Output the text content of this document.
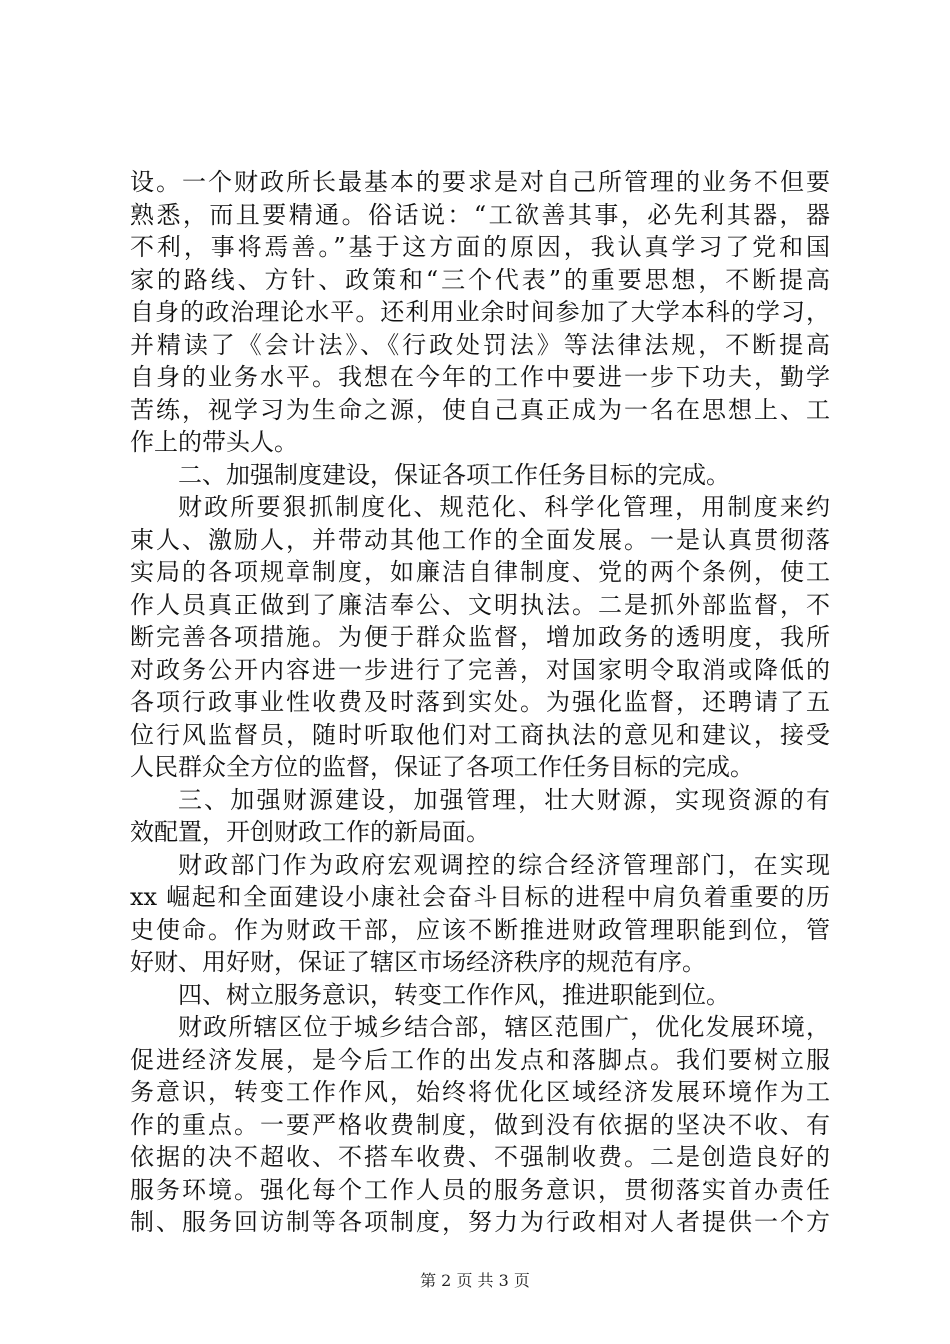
设。一个财政所长最基本的要求是对自己所管理的业务不但要
熟悉，而且要精通。俗话说：“工欲善其事，必先利其器，器
不利，事将焉善。”基于这方面的原因，我认真学习了党和国
家的路线、方针、政策和“三个代表”的重要思想，不断提高
自身的政治理论水平。还利用业余时间参加了大学本科的学习，
并精读了《会计法》、《行政处罚法》等法律法规，不断提高
自身的业务水平。我想在今年的工作中要进一步下功夫，勤学
苦练，视学习为生命之源，使自己真正成为一名在思想上、工
作上的带头人。
二、加强制度建设，保证各项工作任务目标的完成。
财政所要狠抓制度化、规范化、科学化管理，用制度来约
束人、激励人，并带动其他工作的全面发展。一是认真贯彻落
实局的各项规章制度，如廉洁自律制度、党的两个条例，使工
作人员真正做到了廉洁奉公、文明执法。二是抓外部监督，不
断完善各项措施。为便于群众监督，增加政务的透明度，我所
对政务公开内容进一步进行了完善，对国家明令取消或降低的
各项行政事业性收费及时落到实处。为强化监督，还聘请了五
位行风监督员，随时听取他们对工商执法的意见和建议，接受
人民群众全方位的监督，保证了各项工作任务目标的完成。
三、加强财源建设，加强管理，壮大财源，实现资源的有
效配置，开创财政工作的新局面。
财政部门作为政府宏观调控的综合经济管理部门，在实现
xx 崛起和全面建设小康社会奋斗目标的进程中肩负着重要的历
史使命。作为财政干部，应该不断推进财政管理职能到位，管
好财、用好财，保证了辖区市场经济秩序的规范有序。
四、树立服务意识，转变工作作风，推进职能到位。
财政所辖区位于城乡结合部，辖区范围广，优化发展环境，
促进经济发展，是今后工作的出发点和落脚点。我们要树立服
务意识，转变工作作风，始终将优化区域经济发展环境作为工
作的重点。一要严格收费制度，做到没有依据的坚决不收、有
依据的决不超收、不搭车收费、不强制收费。二是创造良好的
服务环境。强化每个工作人员的服务意识，贯彻落实首办责任
制、服务回访制等各项制度，努力为行政相对人者提供一个方
第 2 页 共 3 页
